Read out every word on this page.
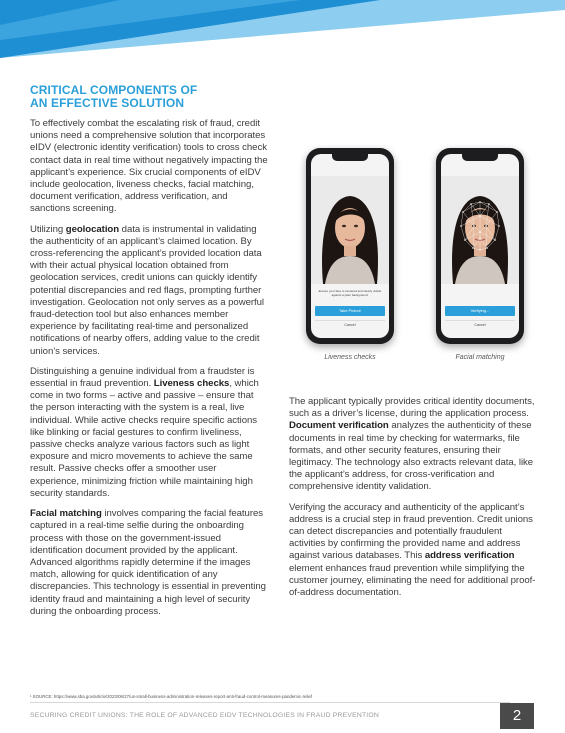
CRITICAL COMPONENTS OF
AN EFFECTIVE SOLUTION

To effectively combat the escalating risk of fraud, credit unions need a comprehensive solution that incorporates eIDV (electronic identity verification) tools to cross check contact data in real time without negatively impacting the applicant’s experience. Six crucial components of eIDV include geolocation, liveness checks, facial matching, document verification, address verification, and sanctions screening.

Utilizing geolocation data is instrumental in validating the authenticity of an applicant’s claimed location. By cross-referencing the applicant’s provided location data with their actual physical location obtained from geolocation services, credit unions can quickly identify potential discrepancies and red flags, prompting further investigation. Geolocation not only serves as a powerful fraud-detection tool but also enhances member experience by facilitating real-time and personalized notifications of nearby offers, adding value to the credit union’s services.

Distinguishing a genuine individual from a fraudster is essential in fraud prevention. Liveness checks, which come in two forms – active and passive – ensure that the person interacting with the system is a real, live individual. While active checks require specific actions like blinking or facial gestures to confirm liveliness, passive checks analyze various factors such as light exposure and micro movements to achieve the same result. Passive checks offer a smoother user experience, minimizing friction while maintaining high security standards.

Facial matching involves comparing the facial features captured in a real-time selfie during the onboarding process with those on the government-issued identification document provided by the applicant. Advanced algorithms rapidly determine if the images match, allowing for quick identification of any discrepancies. This technology is essential in preventing identity fraud and maintaining a high level of security during the onboarding process.

Ensure your face is centered and clearly visible against a plain background.
Take Picture
Cancel
Liveness checks
Verifying...
Cancel
Facial matching

The applicant typically provides critical identity documents, such as a driver’s license, during the application process. Document verification analyzes the authenticity of these documents in real time by checking for watermarks, file formats, and other security features, ensuring their legitimacy. The technology also extracts relevant data, like the applicant’s address, for cross-verification and comprehensive identity validation.

Verifying the accuracy and authenticity of the applicant’s address is a crucial step in fraud prevention. Credit unions can detect discrepancies and potentially fraudulent activities by confirming the provided name and address against various databases. This address verification element enhances fraud prevention while simplifying the customer journey, eliminating the need for additional proof-of-address documentation.

¹ SOURCE: https://www.sba.gov/article/2023/06/27/us-small-business-administration-releases-report-anti-fraud-control-measures-pandemic-relief
SECURING CREDIT UNIONS: THE ROLE OF ADVANCED EIDV TECHNOLOGIES IN FRAUD PREVENTION	2
